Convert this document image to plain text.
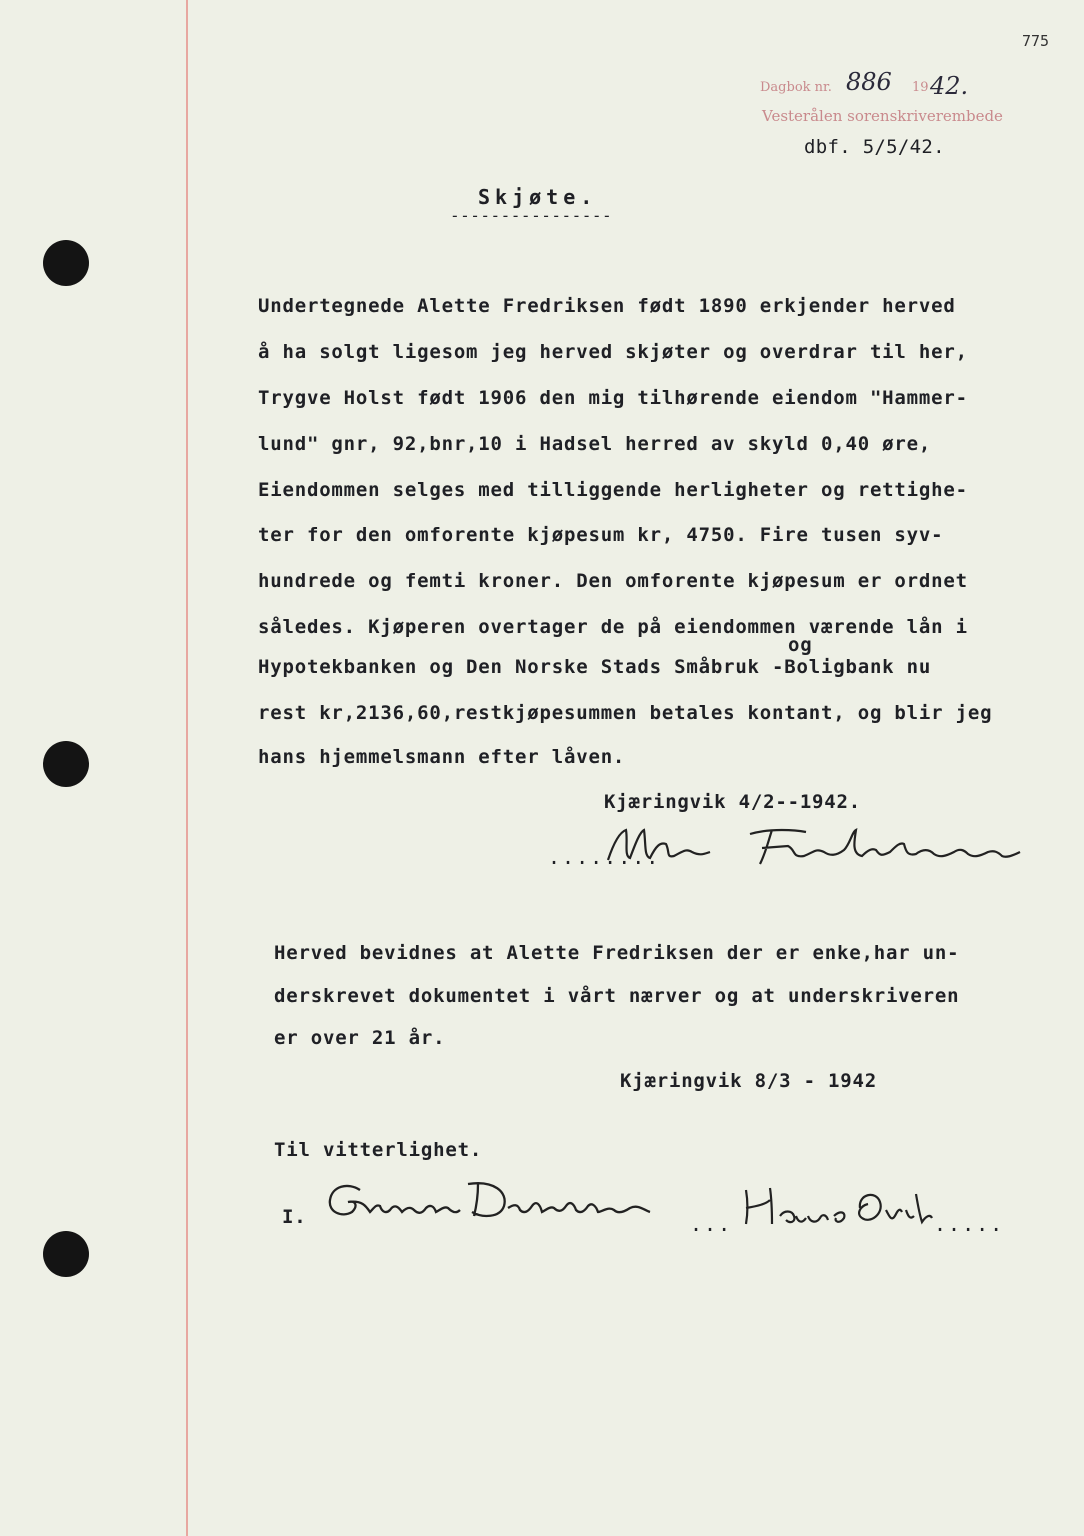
775
Dagbok nr. 886 19 42.
Vesterålen sorenskriverembede
dbf. 5/5/42.
Skjøte.
----------------
Undertegnede Alette Fredriksen født 1890 erkjender herved
å ha solgt ligesom jeg herved skjøter og overdrar til her,
Trygve Holst født 1906 den mig tilhørende eiendom "Hammer-
lund" gnr, 92,bnr,10 i Hadsel herred av skyld 0,40 øre,
Eiendommen selges med tilliggende herligheter og rettighe-
ter for den omforente kjøpesum kr, 4750. Fire tusen syv-
hundrede og femti kroner. Den omforente kjøpesum er ordnet
således. Kjøperen overtager de på eiendommen værende lån i
og
Hypotekbanken og Den Norske Stads Småbruk -Boligbank nu
rest kr,2136,60,restkjøpesummen betales kontant, og blir jeg
hans hjemmelsmann efter låven.
Kjæringvik 4/2--1942.
........
Herved bevidnes at Alette Fredriksen der er enke,har un-
derskrevet dokumentet i vårt nærver og at underskriveren
er over 21 år.
Kjæringvik 8/3 - 1942
Til vitterlighet.
I.	...	.....
